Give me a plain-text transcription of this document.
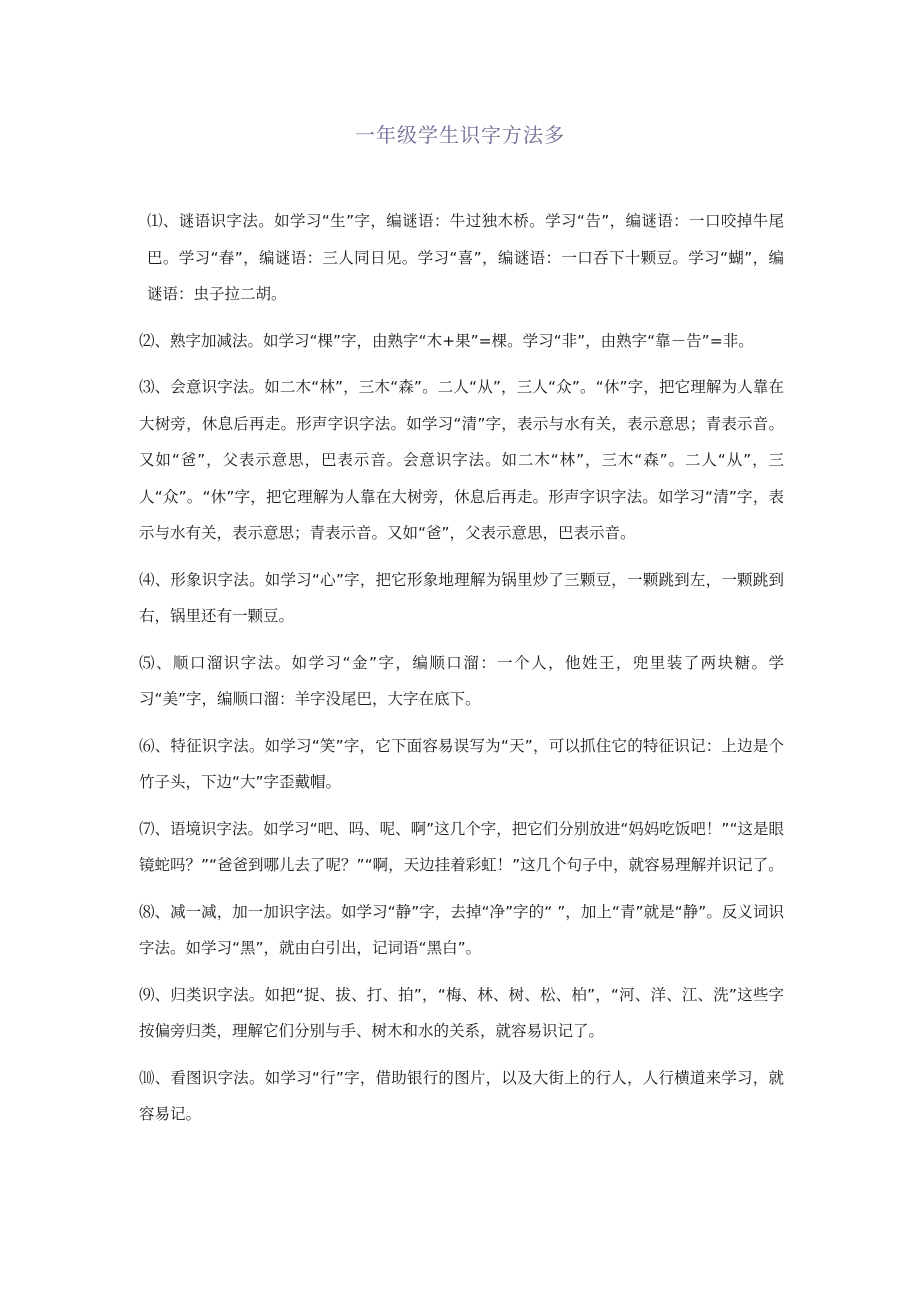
一年级学生识字方法多

⑴、谜语识字法。如学习“生”字，编谜语：牛过独木桥。学习“告”，编谜语：一口咬掉牛尾巴。学习“春”，编谜语：三人同日见。学习“喜”，编谜语：一口吞下十颗豆。学习“蝴”，编谜语：虫子拉二胡。

⑵、熟字加减法。如学习“棵”字，由熟字“木+果”=棵。学习“非”，由熟字“靠－告”=非。

⑶、会意识字法。如二木“林”，三木“森”。二人“从”，三人“众”。“休”字，把它理解为人靠在大树旁，休息后再走。形声字识字法。如学习“清”字，表示与水有关，表示意思；青表示音。又如“爸”，父表示意思，巴表示音。会意识字法。如二木“林”，三木“森”。二人“从”，三人“众”。“休”字，把它理解为人靠在大树旁，休息后再走。形声字识字法。如学习“清”字，表示与水有关，表示意思；青表示音。又如“爸”，父表示意思，巴表示音。

⑷、形象识字法。如学习“心”字，把它形象地理解为锅里炒了三颗豆，一颗跳到左，一颗跳到右，锅里还有一颗豆。

⑸、顺口溜识字法。如学习“金”字，编顺口溜：一个人，他姓王，兜里装了两块糖。学习“美”字，编顺口溜：羊字没尾巴，大字在底下。

⑹、特征识字法。如学习“笑”字，它下面容易误写为“天”，可以抓住它的特征识记：上边是个竹子头，下边“大”字歪戴帽。

⑺、语境识字法。如学习“吧、吗、呢、啊”这几个字，把它们分别放进“妈妈吃饭吧！”“这是眼镜蛇吗？”“爸爸到哪儿去了呢？”“啊，天边挂着彩虹！”这几个句子中，就容易理解并识记了。

⑻、减一减，加一加识字法。如学习“静”字，去掉“净”字的“ ”，加上“青”就是“静”。反义词识字法。如学习“黑”，就由白引出，记词语“黑白”。

⑼、归类识字法。如把“捉、拔、打、拍”，“梅、林、树、松、柏”，“河、洋、江、洗”这些字按偏旁归类，理解它们分别与手、树木和水的关系，就容易识记了。

⑽、看图识字法。如学习“行”字，借助银行的图片，以及大街上的行人，人行横道来学习，就容易记。
